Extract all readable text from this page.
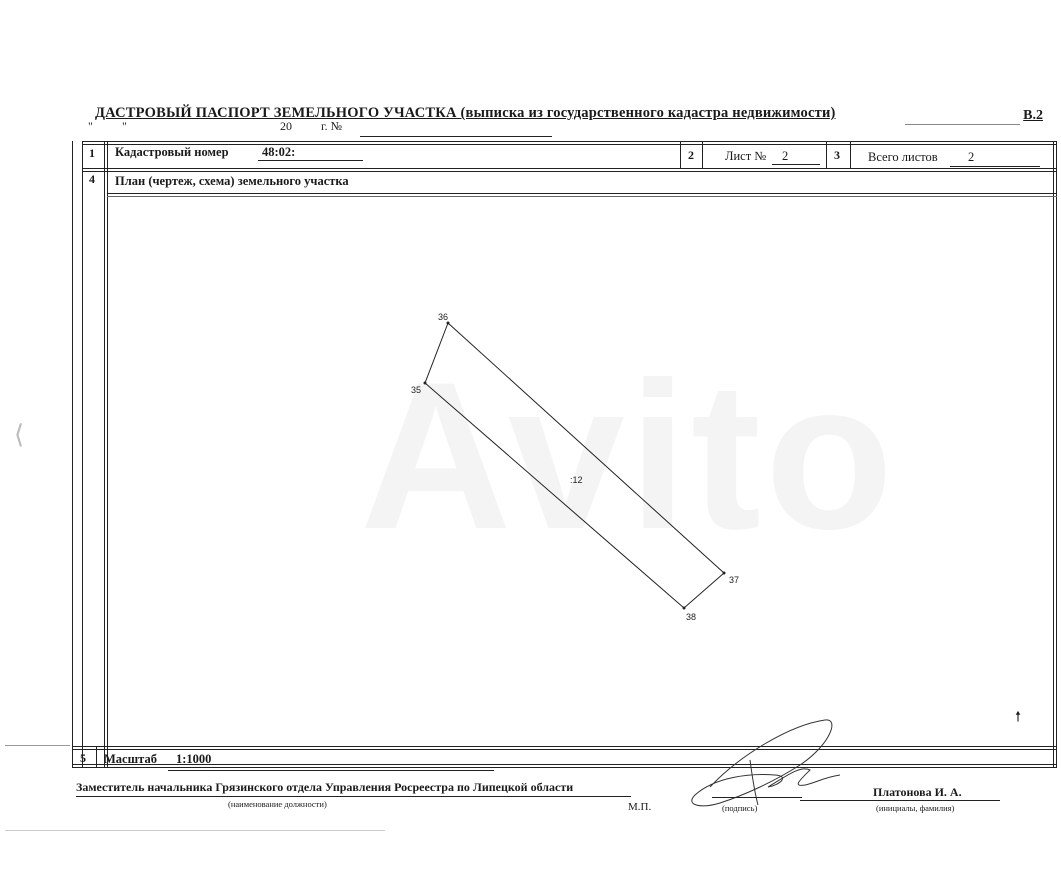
⟨
ДАСТРОВЫЙ ПАСПОРТ ЗЕМЕЛЬНОГО УЧАСТКА (выписка из государственного кадастра недвижимости)	В.2
" "	20 г. №
1 Кадастровый номер	48:02:	2 Лист № 2	3 Всего листов 2
4 План (чертеж, схема) земельного участка
36
35
37
38
:12
🠕
5 Масштаб 1:1000
Заместитель начальника Грязинского отдела Управления Росреестра по Липецкой области
(наименование должности)	М.П.	(подпись)
Платонова И. А.
(инициалы, фамилия)
